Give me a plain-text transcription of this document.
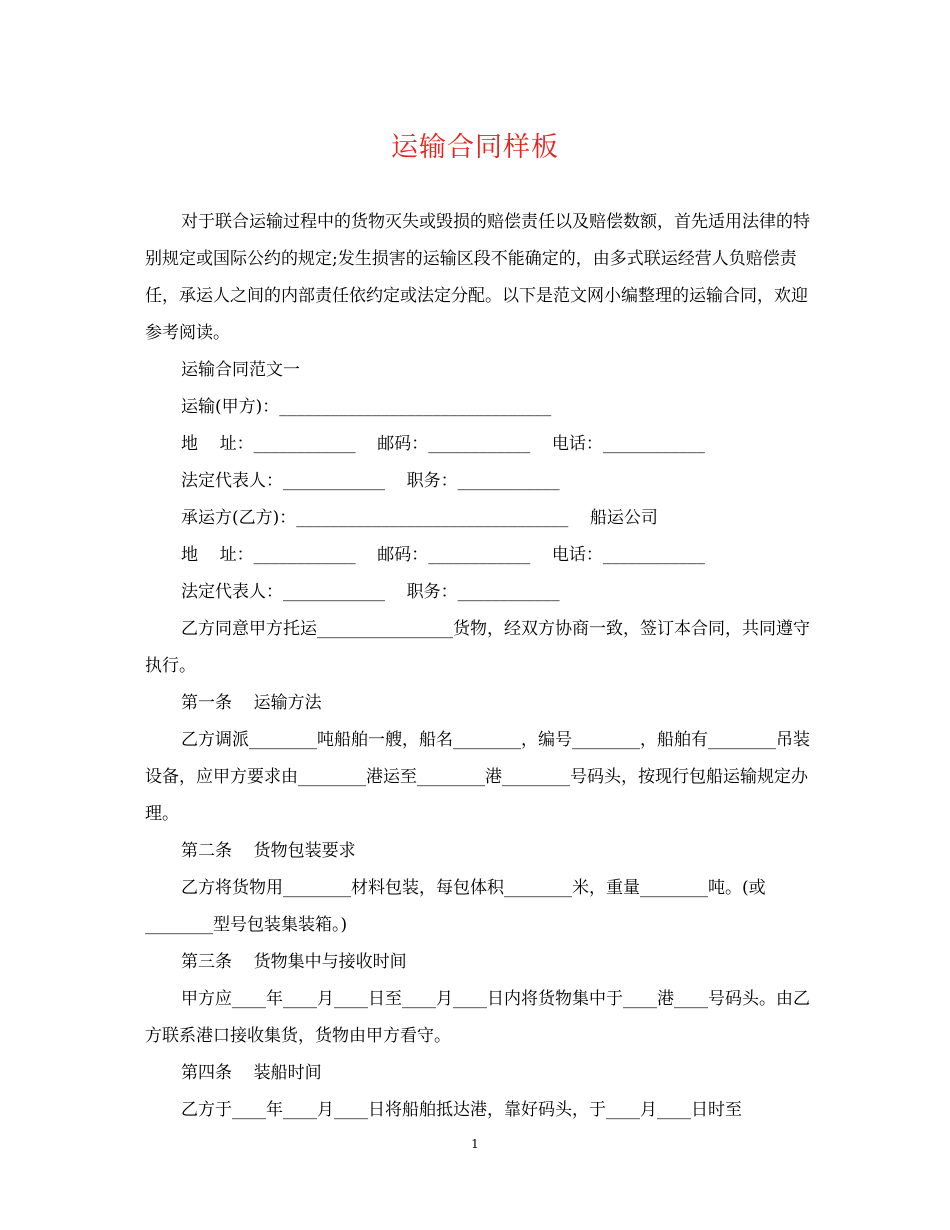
运输合同样板

对于联合运输过程中的货物灭失或毁损的赔偿责任以及赔偿数额，首先适用法律的特别规定或国际公约的规定;发生损害的运输区段不能确定的，由多式联运经营人负赔偿责任，承运人之间的内部责任依约定或法定分配。以下是范文网小编整理的运输合同，欢迎参考阅读。

运输合同范文一

运输(甲方)：________________________________

地    址：____________    邮码：____________    电话：____________

法定代表人：____________    职务：____________

承运方(乙方)：________________________________    船运公司

地    址：____________    邮码：____________    电话：____________

法定代表人：____________    职务：____________

乙方同意甲方托运________________货物，经双方协商一致，签订本合同，共同遵守执行。

第一条    运输方法

乙方调派________吨船舶一艘，船名________，编号________，船舶有________吊装设备，应甲方要求由________港运至________港________号码头，按现行包船运输规定办理。

第二条    货物包装要求

乙方将货物用________材料包装，每包体积________米，重量________吨。(或________型号包装集装箱。)

第三条    货物集中与接收时间

甲方应____年____月____日至____月____日内将货物集中于____港____号码头。由乙方联系港口接收集货，货物由甲方看守。

第四条    装船时间

乙方于____年____月____日将船舶抵达港，靠好码头，于____月____日时至

1
